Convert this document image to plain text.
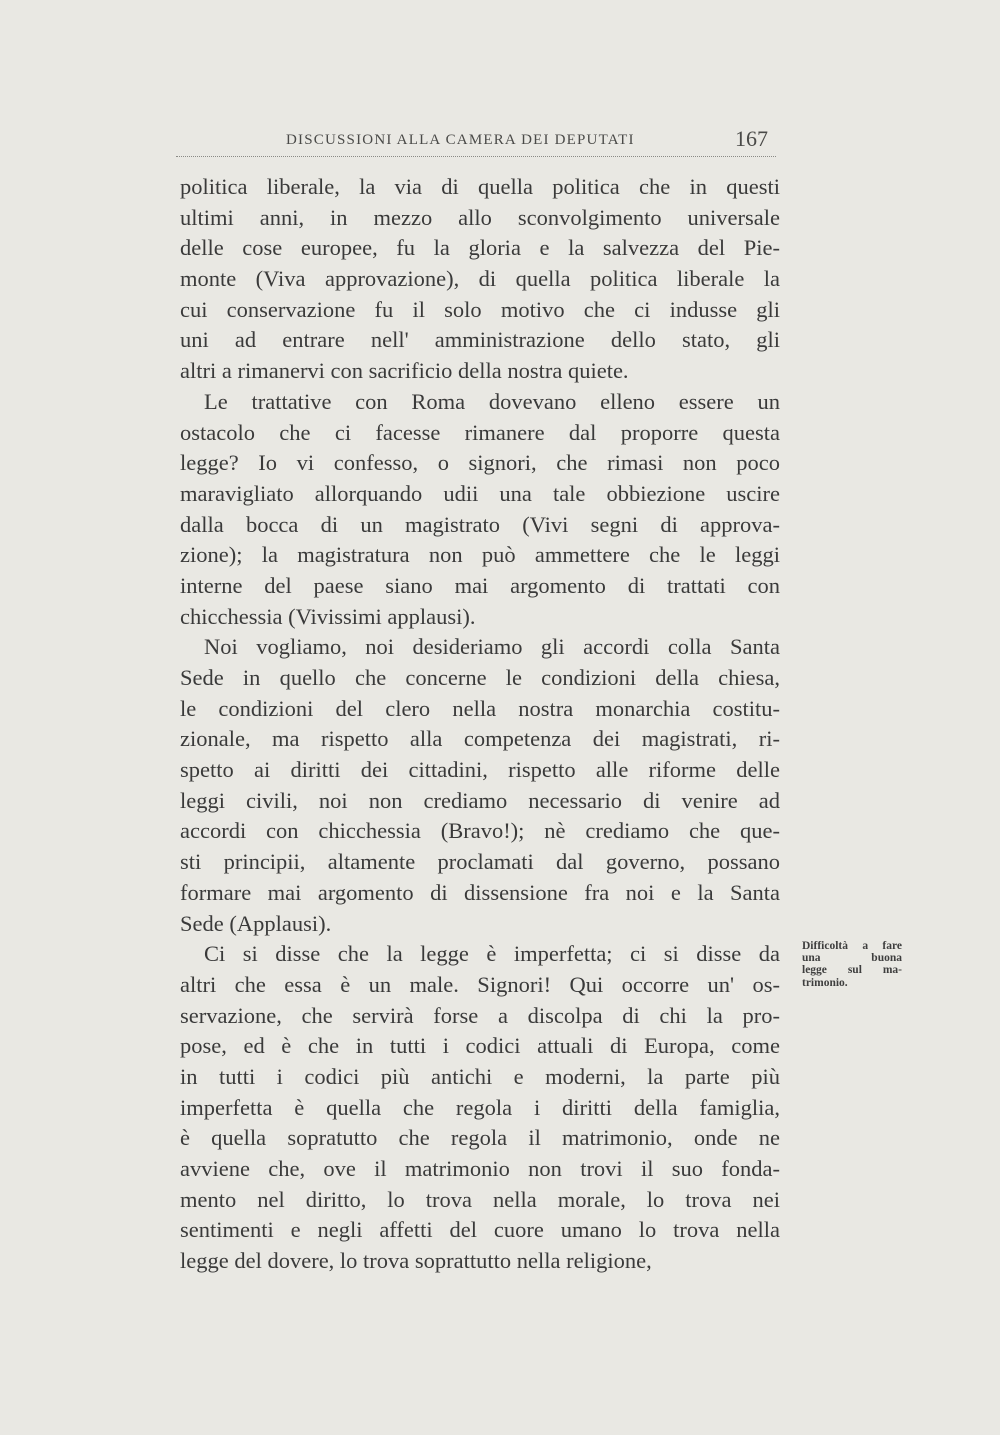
DISCUSSIONI ALLA CAMERA DEI DEPUTATI	167
politica liberale, la via di quella politica che in questi
ultimi anni, in mezzo allo sconvolgimento universale
delle cose europee, fu la gloria e la salvezza del Pie-
monte (Viva approvazione), di quella politica liberale la
cui conservazione fu il solo motivo che ci indusse gli
uni ad entrare nell' amministrazione dello stato, gli
altri a rimanervi con sacrificio della nostra quiete.
Le trattative con Roma dovevano elleno essere un
ostacolo che ci facesse rimanere dal proporre questa
legge? Io vi confesso, o signori, che rimasi non poco
maravigliato allorquando udii una tale obbiezione uscire
dalla bocca di un magistrato (Vivi segni di approva-
zione); la magistratura non può ammettere che le leggi
interne del paese siano mai argomento di trattati con
chicchessia (Vivissimi applausi).
Noi vogliamo, noi desideriamo gli accordi colla Santa
Sede in quello che concerne le condizioni della chiesa,
le condizioni del clero nella nostra monarchia costitu-
zionale, ma rispetto alla competenza dei magistrati, ri-
spetto ai diritti dei cittadini, rispetto alle riforme delle
leggi civili, noi non crediamo necessario di venire ad
accordi con chicchessia (Bravo!); nè crediamo che que-
sti principii, altamente proclamati dal governo, possano
formare mai argomento di dissensione fra noi e la Santa
Sede (Applausi).
Ci si disse che la legge è imperfetta; ci si disse da
altri che essa è un male. Signori! Qui occorre un' os-
servazione, che servirà forse a discolpa di chi la pro-
pose, ed è che in tutti i codici attuali di Europa, come
in tutti i codici più antichi e moderni, la parte più
imperfetta è quella che regola i diritti della famiglia,
è quella sopratutto che regola il matrimonio, onde ne
avviene che, ove il matrimonio non trovi il suo fonda-
mento nel diritto, lo trova nella morale, lo trova nei
sentimenti e negli affetti del cuore umano lo trova nella
legge del dovere, lo trova soprattutto nella religione,
Difficoltà a fare
una buona
legge sul ma-
trimonio.
